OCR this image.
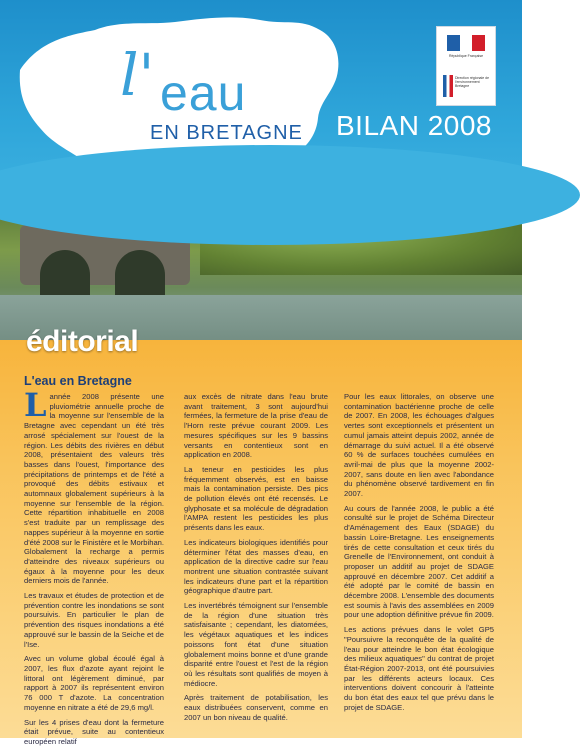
l' eau
EN BRETAGNE BILAN 2008
République Française
Direction régionale de l'environnement Bretagne
éditorial
L'eau en Bretagne

Lannée 2008 présente une pluviométrie annuelle proche de la moyenne sur l'ensemble de la Bretagne avec cependant un été très arrosé spécialement sur l'ouest de la région. Les débits des rivières en début 2008, présentaient des valeurs très basses dans l'ouest, l'importance des précipitations de printemps et de l'été a provoqué des débits estivaux et automnaux globalement supérieurs à la moyenne sur l'ensemble de la région. Cette répartition inhabituelle en 2008 s'est traduite par un remplissage des nappes supérieur à la moyenne en sortie d'été 2008 sur le Finistère et le Morbihan. Globalement la recharge a permis d'atteindre des niveaux supérieurs ou égaux à la moyenne pour les deux derniers mois de l'année.

Les travaux et études de protection et de prévention contre les inondations se sont poursuivis. En particulier le plan de prévention des risques inondations a été approuvé sur le bassin de la Seiche et de l'Ise.

Avec un volume global écoulé égal à 2007, les flux d'azote ayant rejoint le littoral ont légèrement diminué, par rapport à 2007 ils représentent environ 76 000 T d'azote. La concentration moyenne en nitrate a été de 29,6 mg/l.

Sur les 4 prises d'eau dont la fermeture était prévue, suite au contentieux européen relatif

aux excès de nitrate dans l'eau brute avant traitement, 3 sont aujourd'hui fermées, la fermeture de la prise d'eau de l'Horn reste prévue courant 2009. Les mesures spécifiques sur les 9 bassins versants en contentieux sont en application en 2008.

La teneur en pesticides les plus fréquemment observés, est en baisse mais la contamination persiste. Des pics de pollution élevés ont été recensés. Le glyphosate et sa molécule de dégradation l'AMPA restent les pesticides les plus présents dans les eaux.

Les indicateurs biologiques identifiés pour déterminer l'état des masses d'eau, en application de la directive cadre sur l'eau montrent une situation contrastée suivant les indicateurs d'une part et la répartition géographique d'autre part.

Les invertébrés témoignent sur l'ensemble de la région d'une situation très satisfaisante ; cependant, les diatomées, les végétaux aquatiques et les indices poissons font état d'une situation globalement moins bonne et d'une grande disparité entre l'ouest et l'est de la région où les résultats sont qualifiés de moyen à médiocre.

Après traitement de potabilisation, les eaux distribuées conservent, comme en 2007 un bon niveau de qualité.

Pour les eaux littorales, on observe une contamination bactérienne proche de celle de 2007. En 2008, les échouages d'algues vertes sont exceptionnels et présentent un cumul jamais atteint depuis 2002, année de démarrage du suivi actuel. Il a été observé 60 % de surfaces touchées cumulées en avril-mai de plus que la moyenne 2002-2007, sans doute en lien avec l'abondance du phénomène observé tardivement en fin 2007.

Au cours de l'année 2008, le public a été consulté sur le projet de Schéma Directeur d'Aménagement des Eaux (SDAGE) du bassin Loire-Bretagne. Les enseignements tirés de cette consultation et ceux tirés du Grenelle de l'Environnement, ont conduit à proposer un additif au projet de SDAGE approuvé en décembre 2007. Cet additif a été adopté par le comité de bassin en décembre 2008. L'ensemble des documents est soumis à l'avis des assemblées en 2009 pour une adoption définitive prévue fin 2009.

Les actions prévues dans le volet GP5 "Poursuivre la reconquête de la qualité de l'eau pour atteindre le bon état écologique des milieux aquatiques" du contrat de projet État-Région 2007-2013, ont été poursuivies par les différents acteurs locaux. Ces interventions doivent concourir à l'atteinte du bon état des eaux tel que prévu dans le projet de SDAGE.
